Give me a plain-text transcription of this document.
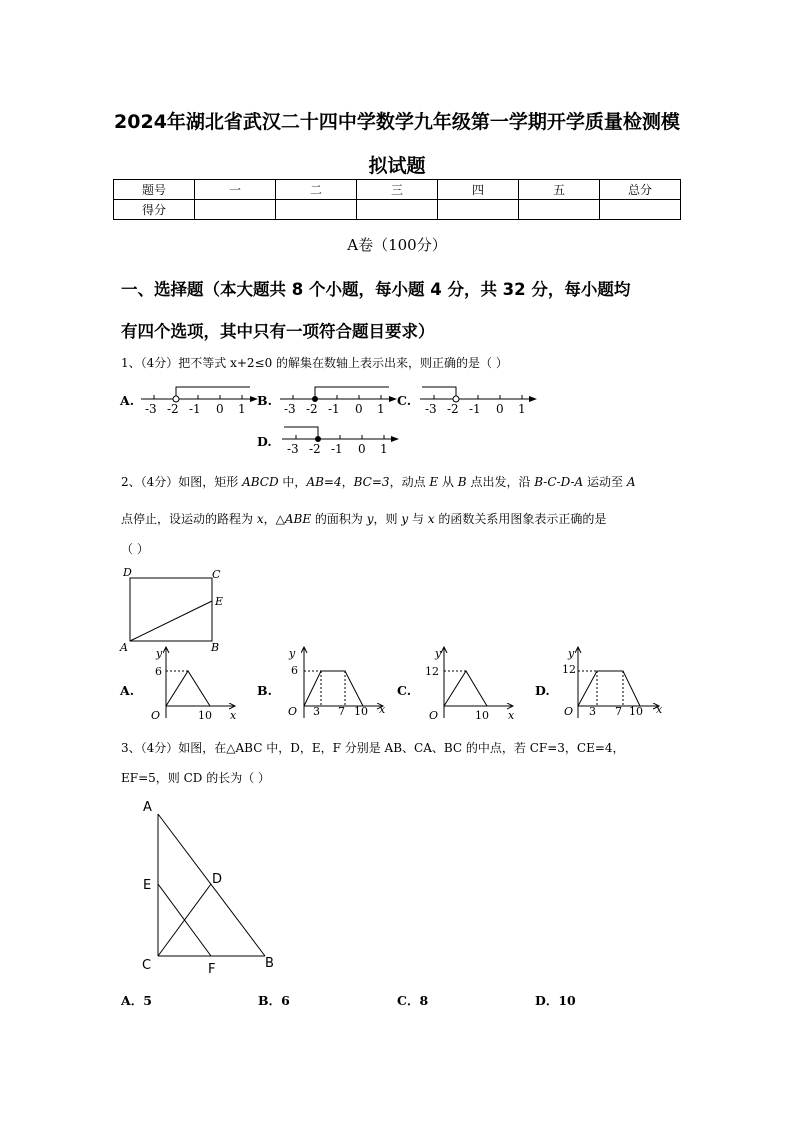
2024年湖北省武汉二十四中学数学九年级第一学期开学质量检测模
拟试题
题号	一	二	三	四	五	总分
得分						
A卷（100分）
一、选择题（本大题共 8 个小题，每小题 4 分，共 32 分，每小题均
有四个选项，其中只有一项符合题目要求）
1、（4分）把不等式 x+2≤0 的解集在数轴上表示出来，则正确的是（ ）
A.
-3 -2 -1 0 1
B.
-3 -2 -1 0 1
C.
-3 -2 -1 0 1
D. -3 -2 -1 0 1
2、（4分）如图，矩形 ABCD 中，AB=4，BC=3，动点 E 从 B 点出发，沿 B-C-D-A 运动至 A
点停止，设运动的路程为 x，△ABE 的面积为 y，则 y 与 x 的函数关系用图象表示正确的是
（ ）
D	C
E
A	B
A.
y
6
O	10 x
B.
y
6
O 3 7 10 x
C.
y
12
O	10 x
D.
y
12
O 3 7 10 x
3、（4分）如图，在△ABC 中，D，E，F 分别是 AB、CA、BC 的中点，若 CF=3，CE=4，
EF=5，则 CD 的长为（ ）
A
E	D
C	F	B
A．5	B．6	C．8	D．10
